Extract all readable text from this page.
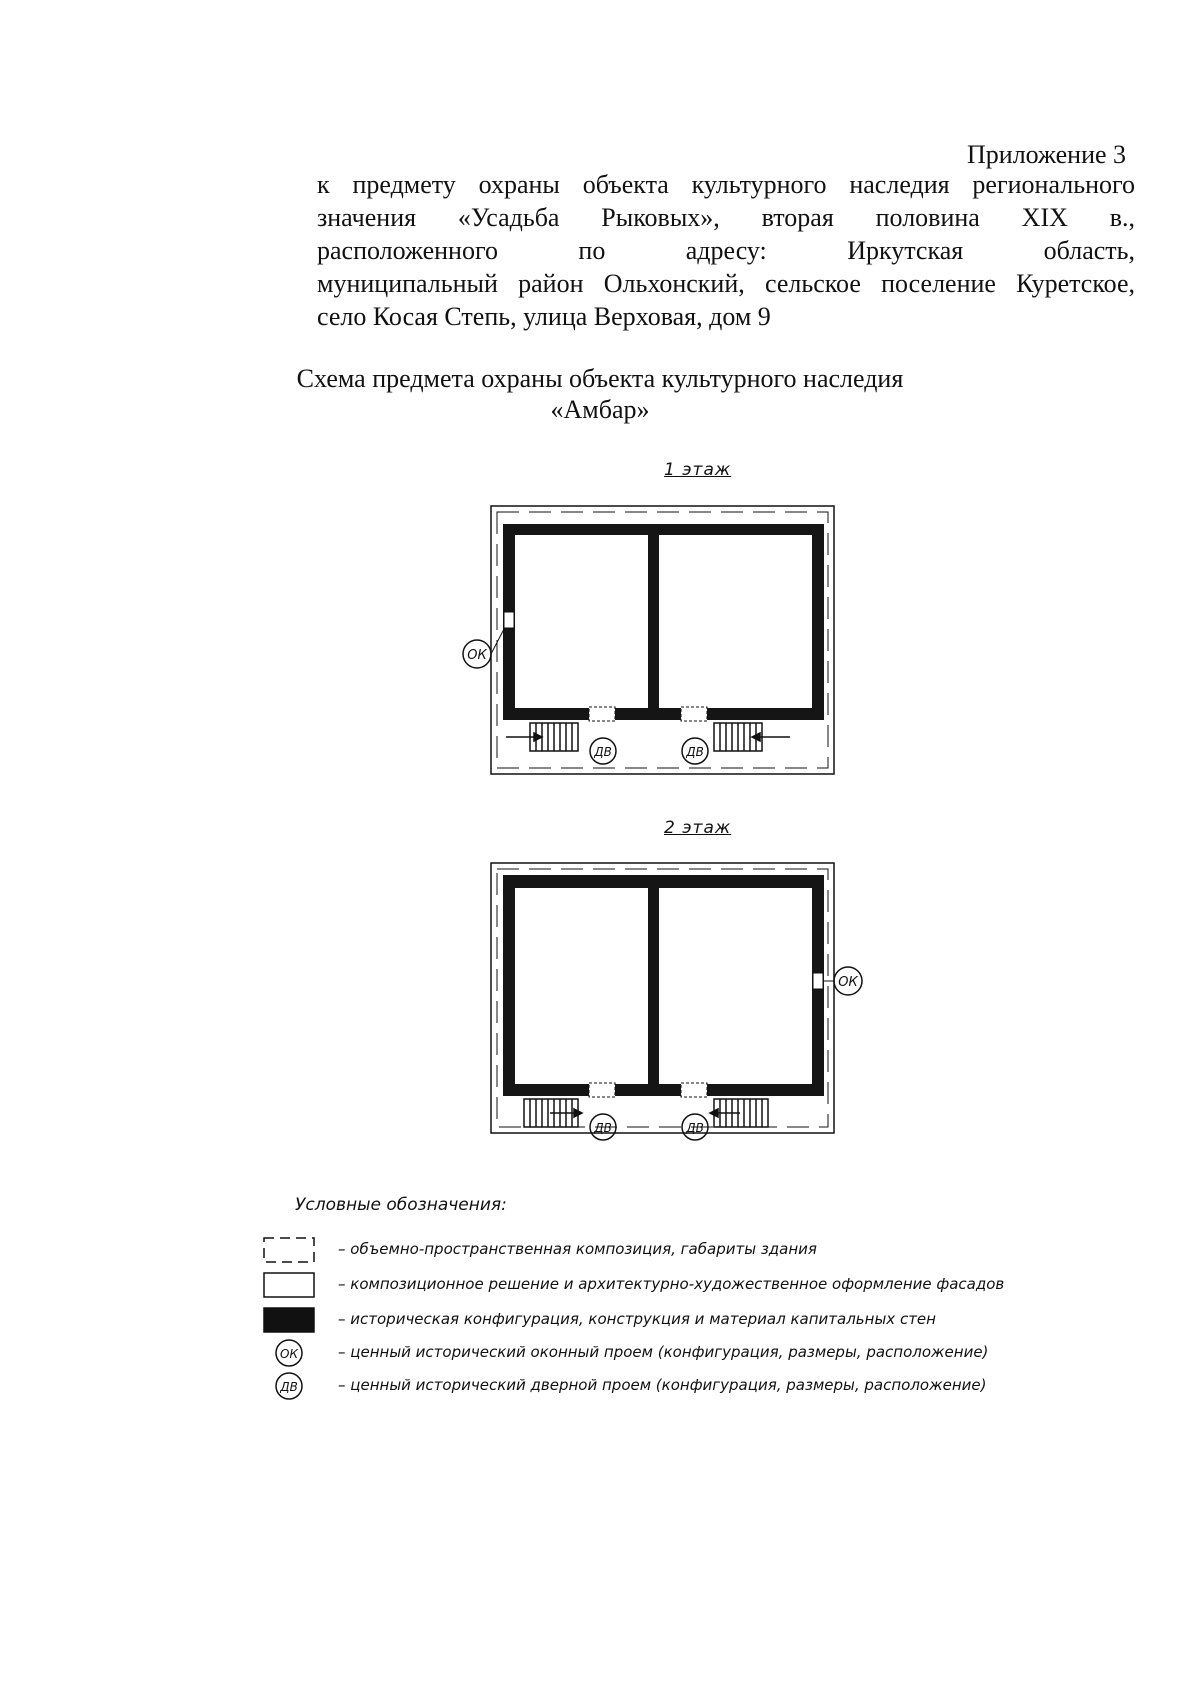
Приложение 3
к предмету охраны объекта культурного наследия регионального
значения «Усадьба Рыковых», вторая половина XIX в.,
расположенного по адресу: Иркутская область,
муниципальный район Ольхонский, сельское поселение Куретское,
село Косая Степь, улица Верховая, дом 9
Схема предмета охраны объекта культурного наследия
«Амбар»
1 этаж
ОК
ДВ	ДВ
2 этаж
ОК
ДВ	ДВ
Условные обозначения:
– объемно-пространственная композиция, габариты здания
– композиционное решение и архитектурно-художественное оформление фасадов
– историческая конфигурация, конструкция и материал капитальных стен
ОК	– ценный исторический оконный проем (конфигурация, размеры, расположение)
ДВ	– ценный исторический дверной проем (конфигурация, размеры, расположение)
